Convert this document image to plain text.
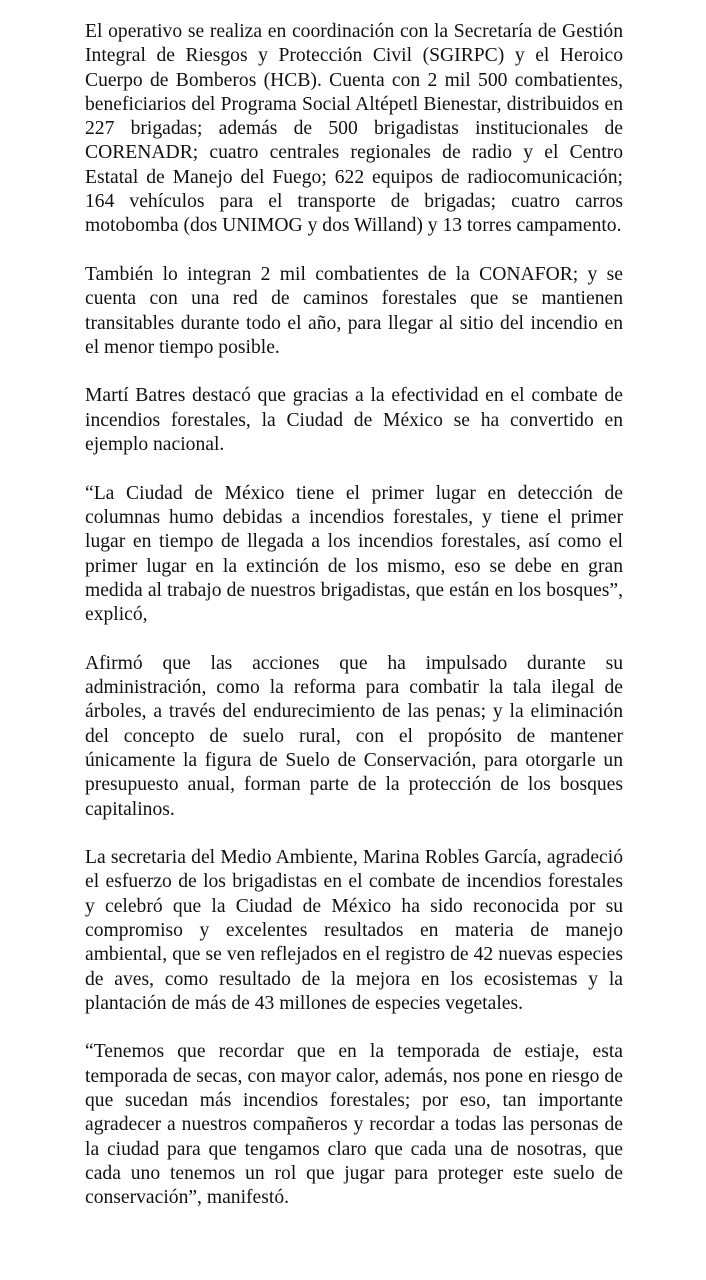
El operativo se realiza en coordinación con la Secretaría de Gestión Integral de Riesgos y Protección Civil (SGIRPC) y el Heroico Cuerpo de Bomberos (HCB). Cuenta con 2 mil 500 combatientes, beneficiarios del Programa Social Altépetl Bienestar, distribuidos en 227 brigadas; además de 500 brigadistas institucionales de CORENADR; cuatro centrales regionales de radio y el Centro Estatal de Manejo del Fuego; 622 equipos de radiocomunicación; 164 vehículos para el transporte de brigadas; cuatro carros motobomba (dos UNIMOG y dos Willand) y 13 torres campamento.

También lo integran 2 mil combatientes de la CONAFOR; y se cuenta con una red de caminos forestales que se mantienen transitables durante todo el año, para llegar al sitio del incendio en el menor tiempo posible.

Martí Batres destacó que gracias a la efectividad en el combate de incendios forestales, la Ciudad de México se ha convertido en ejemplo nacional.

“La Ciudad de México tiene el primer lugar en detección de columnas humo debidas a incendios forestales, y tiene el primer lugar en tiempo de llegada a los incendios forestales, así como el primer lugar en la extinción de los mismo, eso se debe en gran medida al trabajo de nuestros brigadistas, que están en los bosques”, explicó,

Afirmó que las acciones que ha impulsado durante su administración, como la reforma para combatir la tala ilegal de árboles, a través del endurecimiento de las penas; y la eliminación del concepto de suelo rural, con el propósito de mantener únicamente la figura de Suelo de Conservación, para otorgarle un presupuesto anual, forman parte de la protección de los bosques capitalinos.

La secretaria del Medio Ambiente, Marina Robles García, agradeció el esfuerzo de los brigadistas en el combate de incendios forestales y celebró que la Ciudad de México ha sido reconocida por su compromiso y excelentes resultados en materia de manejo ambiental, que se ven reflejados en el registro de 42 nuevas especies de aves, como resultado de la mejora en los ecosistemas y la plantación de más de 43 millones de especies vegetales.

“Tenemos que recordar que en la temporada de estiaje, esta temporada de secas, con mayor calor, además, nos pone en riesgo de que sucedan más incendios forestales; por eso, tan importante agradecer a nuestros compañeros y recordar a todas las personas de la ciudad para que tengamos claro que cada una de nosotras, que cada uno tenemos un rol que jugar para proteger este suelo de conservación”, manifestó.
